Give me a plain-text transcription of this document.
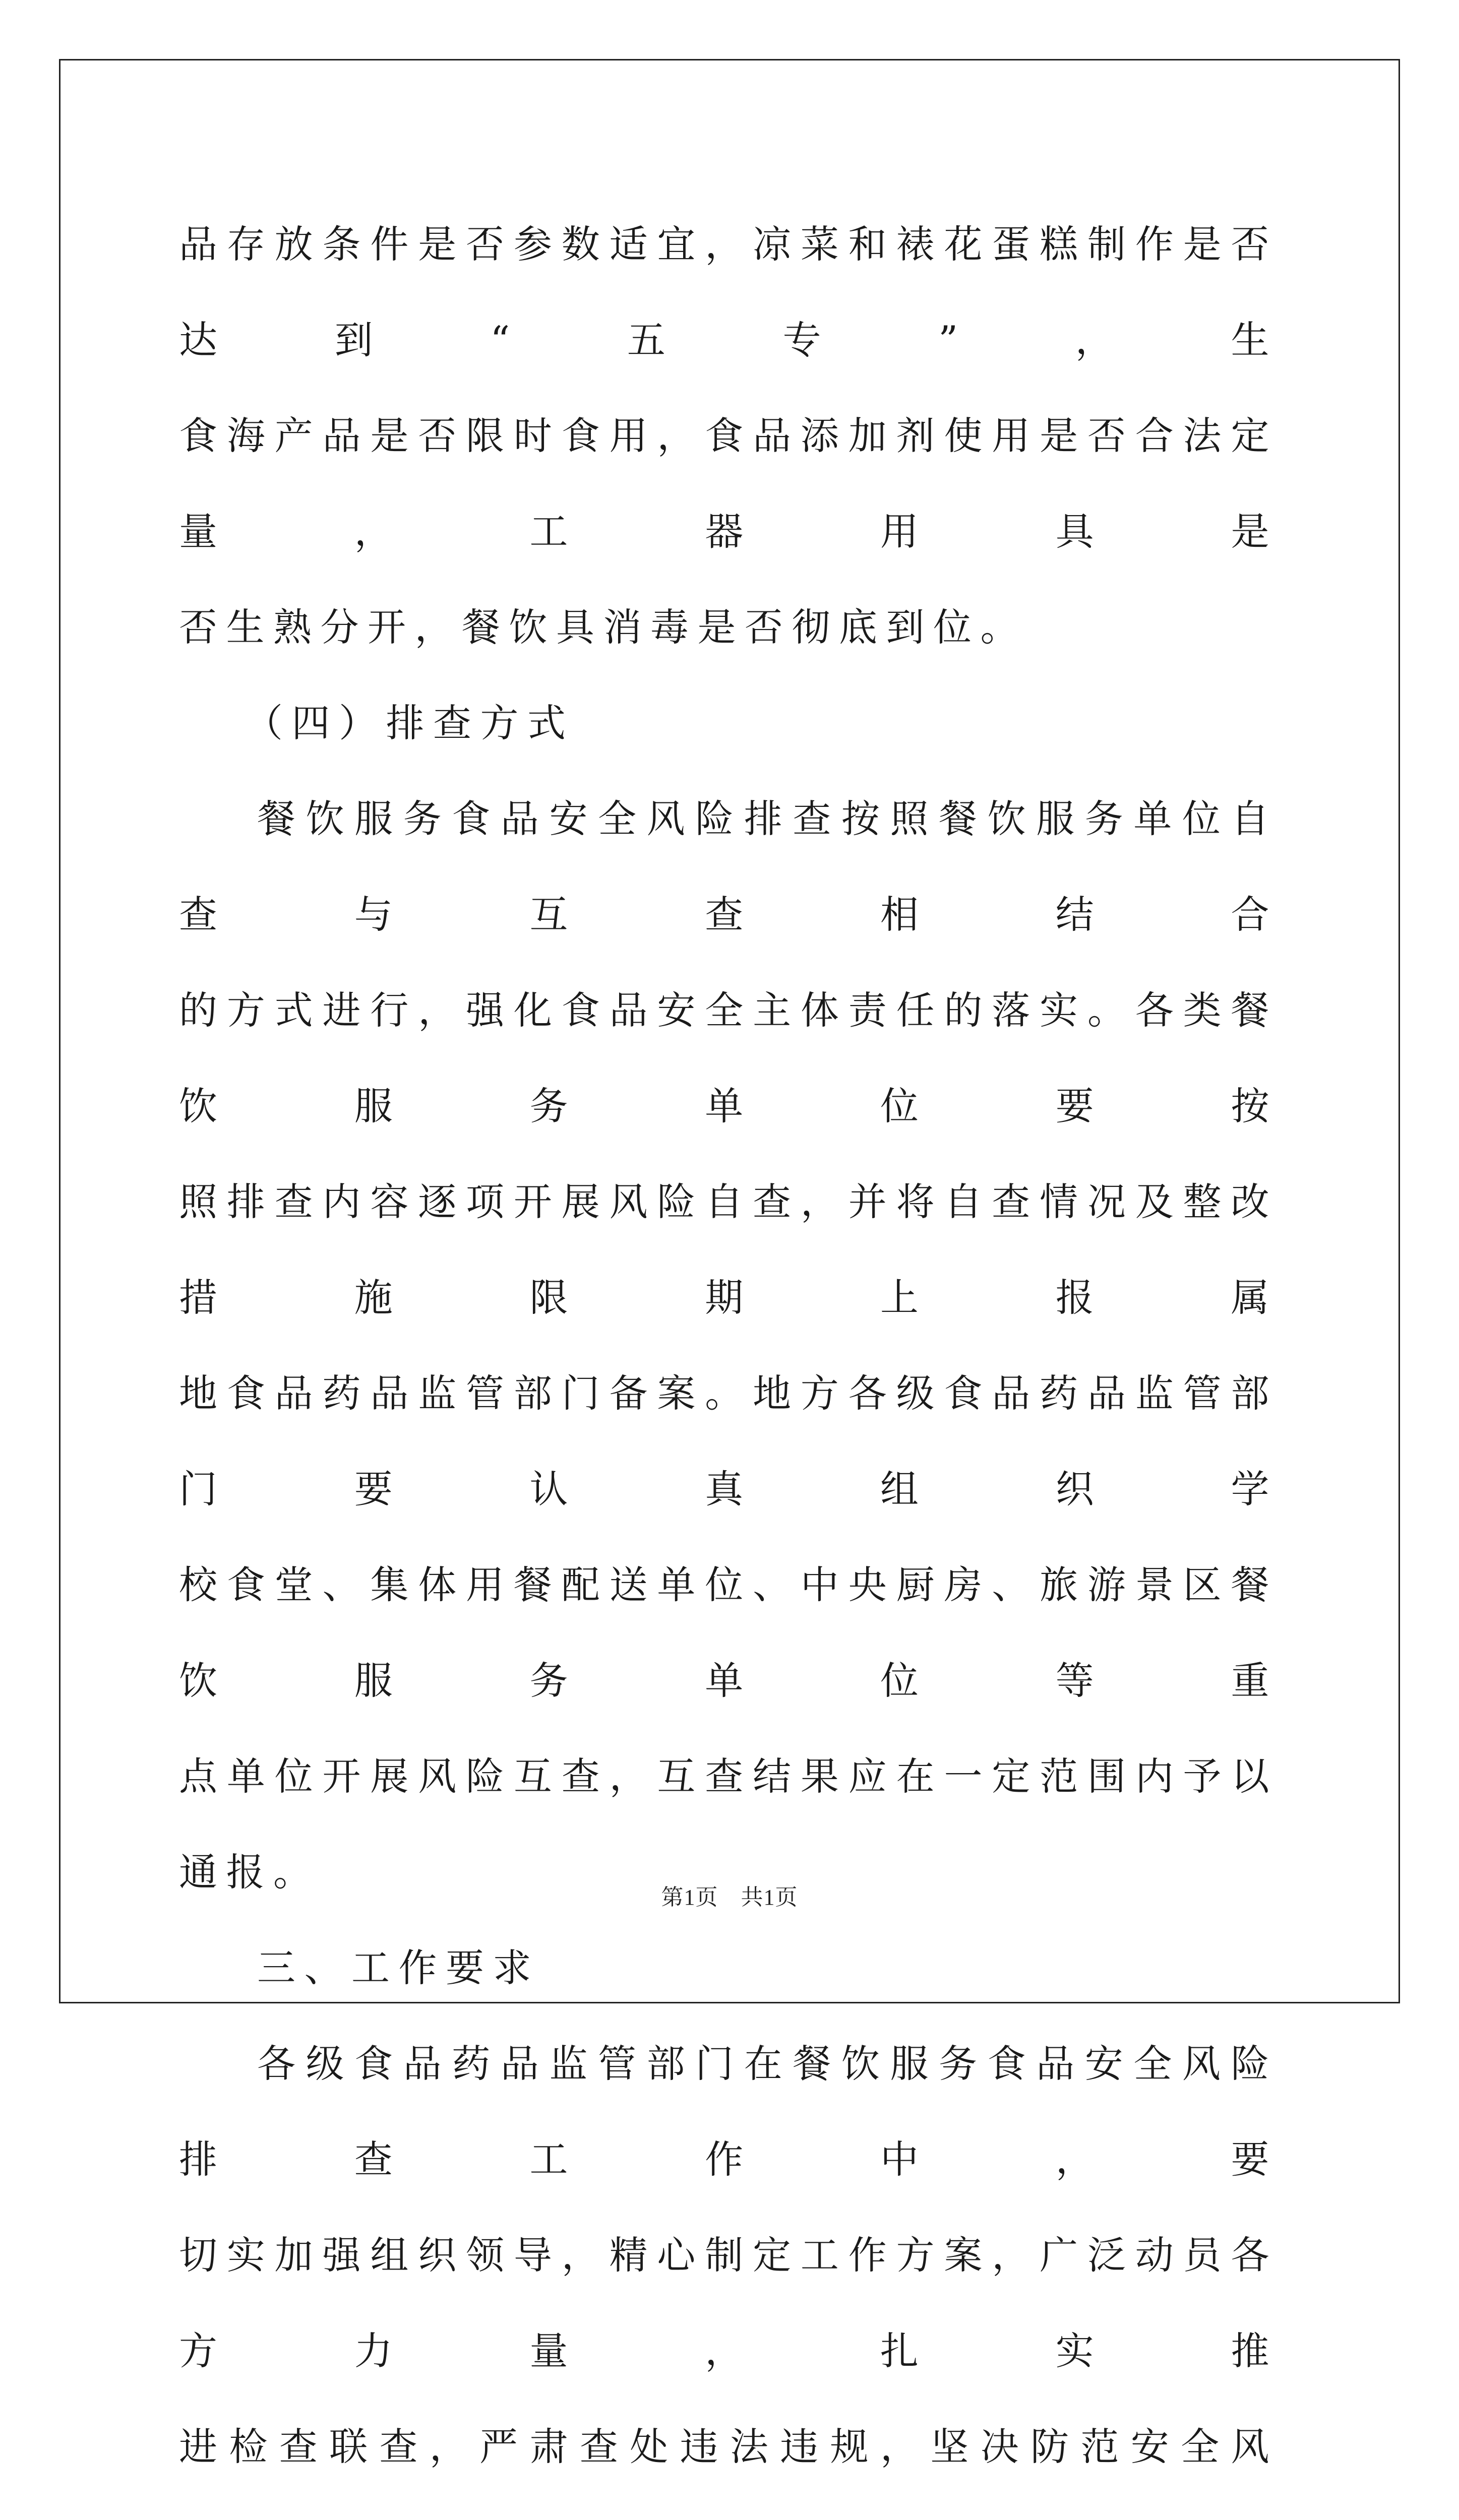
品存放条件是否参数适宜，凉菜和裱花蛋糕制作是否达到“五专”，生

食海产品是否限时食用，食品添加剂使用是否合法定量，工器用具是

否生熟分开，餐饮具消毒是否彻底到位。

（四）排查方式

餐饮服务食品安全风险排查按照餐饮服务单位自查与互查相结合

的方式进行，强化食品安全主体责任的落实。各类餐饮服务单位要按

照排查内容逐项开展风险自查，并将自查情况及整改措施限期上报属

地食品药品监管部门备案。地方各级食品药品监管部门要认真组织学

校食堂、集体用餐配送单位、中央厨房、旅游景区餐饮服务单位等重

点单位开展风险互查，互查结果应在一定范围内予以通报。

三、工作要求

各级食品药品监管部门在餐饮服务食品安全风险排查工作中，要

切实加强组织领导，精心制定工作方案，广泛动员各方力量，扎实推

进检查联查，严肃查处违法违规，坚决防范安全风

第1页　共1页
